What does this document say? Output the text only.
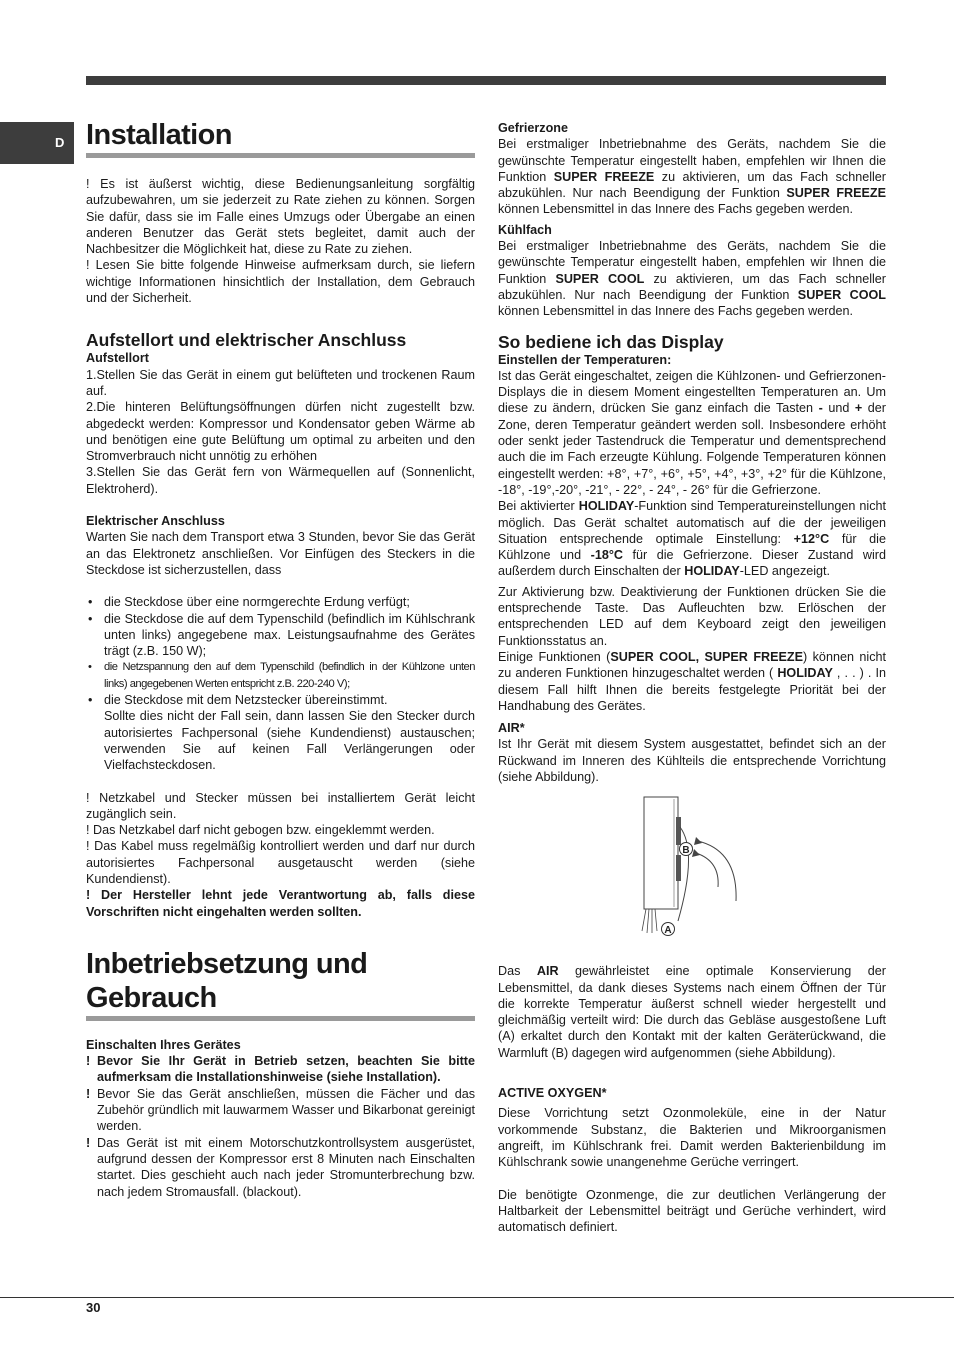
D Installation

! Es ist äußerst wichtig, diese Bedienungsanleitung sorgfältig aufzubewahren, um sie jederzeit zu Rate ziehen zu können. Sorgen Sie dafür, dass sie im Falle eines Umzugs oder Übergabe an einen anderen Benutzer das Gerät stets begleitet, damit auch der Nachbesitzer die Möglichkeit hat, diese zu Rate zu ziehen.

! Lesen Sie bitte folgende Hinweise aufmerksam durch, sie liefern wichtige Informationen hinsichtlich der Installation, dem Gebrauch und der Sicherheit.

Aufstellort und elektrischer Anschluss
Aufstellort

1.Stellen Sie das Gerät in einem gut belüfteten und trockenen Raum auf.

2.Die hinteren Belüftungsöffnungen dürfen nicht zugestellt bzw. abgedeckt werden: Kompressor und Kondensator geben Wärme ab und benötigen eine gute Belüftung um optimal zu arbeiten und den Stromverbrauch nicht unnötig zu erhöhen

3.Stellen Sie das Gerät fern von Wärmequellen auf (Sonnenlicht, Elektroherd).

Elektrischer Anschluss

Warten Sie nach dem Transport etwa 3 Stunden, bevor Sie das Gerät an das Elektronetz anschließen. Vor Einfügen des Steckers in die Steckdose ist sicherzustellen, dass

• die Steckdose über eine normgerechte Erdung verfügt;
• die Steckdose die auf dem Typenschild (befindlich im Kühlschrank unten links) angegebene max. Leistungsaufnahme des Gerätes trägt (z.B. 150 W);
• die Netzspannung den auf dem Typenschild (befindlich in der Kühlzone unten links) angegebenen Werten entspricht z.B. 220-240 V);
• die Steckdose mit dem Netzstecker übereinstimmt.

Sollte dies nicht der Fall sein, dann lassen Sie den Stecker durch autorisiertes Fachpersonal (siehe Kundendienst) austauschen; verwenden Sie auf keinen Fall Verlängerungen oder Vielfachsteckdosen.

! Netzkabel und Stecker müssen bei installiertem Gerät leicht zugänglich sein.

! Das Netzkabel darf nicht gebogen bzw. eingeklemmt werden.

! Das Kabel muss regelmäßig kontrolliert werden und darf nur durch autorisiertes Fachpersonal ausgetauscht werden (siehe Kundendienst).

! Der Hersteller lehnt jede Verantwortung ab, falls diese Vorschriften nicht eingehalten werden sollten.

Inbetriebsetzung und
Gebrauch
Einschalten Ihres Gerätes
! Bevor Sie Ihr Gerät in Betrieb setzen, beachten Sie bitte aufmerksam die Installationshinweise (siehe Installation).
! Bevor Sie das Gerät anschließen, müssen die Fächer und das Zubehör gründlich mit lauwarmem Wasser und Bikarbonat gereinigt werden.
! Das Gerät ist mit einem Motorschutzkontrollsystem ausgerüstet, aufgrund dessen der Kompressor erst 8 Minuten nach Einschalten startet. Dies geschieht auch nach jeder Stromunterbrechung bzw. nach jedem Stromausfall. (blackout).
Gefrierzone

Bei erstmaliger Inbetriebnahme des Geräts, nachdem Sie die gewünschte Temperatur eingestellt haben, empfehlen wir Ihnen die Funktion SUPER FREEZE zu aktivieren, um das Fach schneller abzukühlen. Nur nach Beendigung der Funktion SUPER FREEZE können Lebensmittel in das Innere des Fachs gegeben werden.

Kühlfach

Bei erstmaliger Inbetriebnahme des Geräts, nachdem Sie die gewünschte Temperatur eingestellt haben, empfehlen wir Ihnen die Funktion SUPER COOL zu aktivieren, um das Fach schneller abzukühlen. Nur nach Beendigung der Funktion SUPER COOL können Lebensmittel in das Innere des Fachs gegeben werden.

So bediene ich das Display
Einstellen der Temperaturen:

Ist das Gerät eingeschaltet, zeigen die Kühlzonen- und Gefrierzonen-Displays die in diesem Moment eingestellten Temperaturen an. Um diese zu ändern, drücken Sie ganz einfach die Tasten - und + der Zone, deren Temperatur geändert werden soll. Insbesondere erhöht oder senkt jeder Tastendruck die Temperatur und dementsprechend auch die im Fach erzeugte Kühlung. Folgende Temperaturen können eingestellt werden: +8°, +7°, +6°, +5°, +4°, +3°, +2° für die Kühlzone, -18°, -19°,-20°, -21°, - 22°, - 24°, - 26° für die Gefrierzone.

Bei aktivierter HOLIDAY-Funktion sind Temperatureinstellungen nicht möglich. Das Gerät schaltet automatisch auf die der jeweiligen Situation entsprechende optimale Einstellung: +12°C für die Kühlzone und -18°C für die Gefrierzone. Dieser Zustand wird außerdem durch Einschalten der HOLIDAY-LED angezeigt.

Zur Aktivierung bzw. Deaktivierung der Funktionen drücken Sie die entsprechende Taste. Das Aufleuchten bzw. Erlöschen der entsprechenden LED auf dem Keyboard zeigt den jeweiligen Funktionsstatus an.

Einige Funktionen (SUPER COOL, SUPER FREEZE) können nicht zu anderen Funktionen hinzugeschaltet werden ( HOLIDAY , . . ) . In diesem Fall hilft Ihnen die bereits festgelegte Priorität bei der Handhabung des Gerätes.

AIR*

Ist Ihr Gerät mit diesem System ausgestattet, befindet sich an der Rückwand im Inneren des Kühlteils die entsprechende Vorrichtung (siehe Abbildung).

B
A

Das AIR gewährleistet eine optimale Konservierung der Lebensmittel, da dank dieses Systems nach einem Öffnen der Tür die korrekte Temperatur äußerst schnell wieder hergestellt und gleichmäßig verteilt wird: Die durch das Gebläse ausgestoßene Luft (A) erkaltet durch den Kontakt mit der kalten Geräterückwand, die Warmluft (B) dagegen wird aufgenommen (siehe Abbildung).

ACTIVE OXYGEN*

Diese Vorrichtung setzt Ozonmoleküle, eine in der Natur vorkommende Substanz, die Bakterien und Mikroorganismen angreift, im Kühlschrank frei. Damit werden Bakterienbildung im Kühlschrank sowie unangenehme Gerüche verringert.

Die benötigte Ozonmenge, die zur deutlichen Verlängerung der Haltbarkeit der Lebensmittel beiträgt und Gerüche verhindert, wird automatisch definiert.

30
